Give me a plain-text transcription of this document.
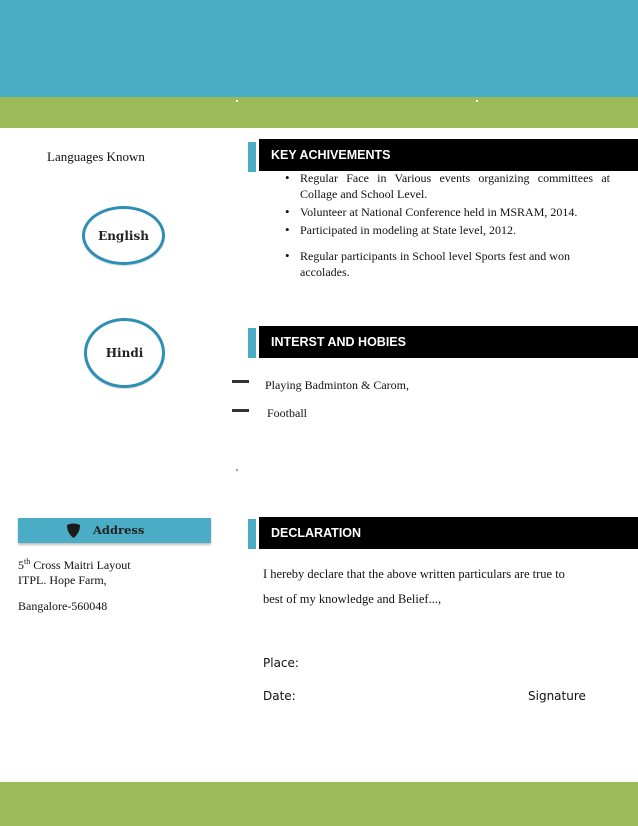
Languages Known
English
Hindi
KEY ACHIVEMENTS
• Regular Face in Various events organizing committees at Collage and School Level.
• Volunteer at National Conference held in MSRAM, 2014.
• Participated in modeling at State level, 2012.
• Regular participants in School level Sports fest and won accolades.
INTERST AND HOBIES
Playing Badminton & Carom,
Football
'
Address
5th Cross Maitri Layout
ITPL. Hope Farm,
Bangalore-560048
DECLARATION
I hereby declare that the above written particulars are true to
best of my knowledge and Belief...,
Place:
Date:	Signature
